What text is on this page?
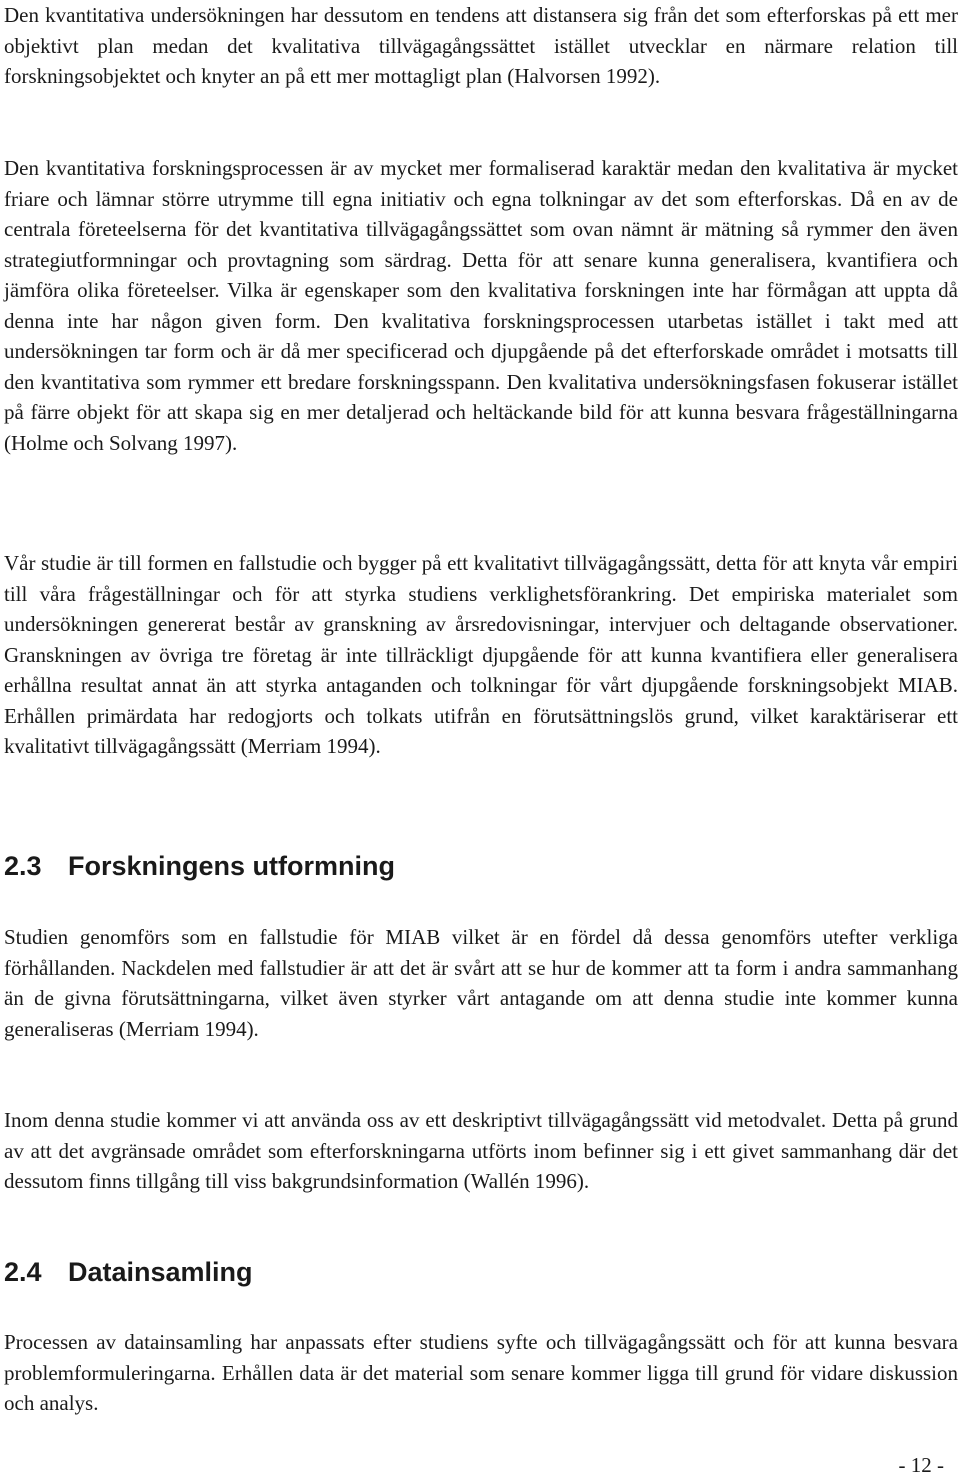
Den kvantitativa undersökningen har dessutom en tendens att distansera sig från det som efterforskas på ett mer objektivt plan medan det kvalitativa tillvägagångssättet istället utvecklar en närmare relation till forskningsobjektet och knyter an på ett mer mottagligt plan (Halvorsen 1992).

Den kvantitativa forskningsprocessen är av mycket mer formaliserad karaktär medan den kvalitativa är mycket friare och lämnar större utrymme till egna initiativ och egna tolkningar av det som efterforskas. Då en av de centrala företeelserna för det kvantitativa tillvägagångssättet som ovan nämnt är mätning så rymmer den även strategiutformningar och provtagning som särdrag. Detta för att senare kunna generalisera, kvantifiera och jämföra olika företeelser. Vilka är egenskaper som den kvalitativa forskningen inte har förmågan att uppta då denna inte har någon given form. Den kvalitativa forskningsprocessen utarbetas istället i takt med att undersökningen tar form och är då mer specificerad och djupgående på det efterforskade området i motsatts till den kvantitativa som rymmer ett bredare forskningsspann. Den kvalitativa undersökningsfasen fokuserar istället på färre objekt för att skapa sig en mer detaljerad och heltäckande bild för att kunna besvara frågeställningarna (Holme och Solvang 1997).

Vår studie är till formen en fallstudie och bygger på ett kvalitativt tillvägagångssätt, detta för att knyta vår empiri till våra frågeställningar och för att styrka studiens verklighetsförankring. Det empiriska materialet som undersökningen genererat består av granskning av årsredovisningar, intervjuer och deltagande observationer. Granskningen av övriga tre företag är inte tillräckligt djupgående för att kunna kvantifiera eller generalisera erhållna resultat annat än att styrka antaganden och tolkningar för vårt djupgående forskningsobjekt MIAB. Erhållen primärdata har redogjorts och tolkats utifrån en förutsättningslös grund, vilket karaktäriserar ett kvalitativt tillvägagångssätt (Merriam 1994).

2.3 Forskningens utformning

Studien genomförs som en fallstudie för MIAB vilket är en fördel då dessa genomförs utefter verkliga förhållanden. Nackdelen med fallstudier är att det är svårt att se hur de kommer att ta form i andra sammanhang än de givna förutsättningarna, vilket även styrker vårt antagande om att denna studie inte kommer kunna generaliseras (Merriam 1994).

Inom denna studie kommer vi att använda oss av ett deskriptivt tillvägagångssätt vid metodvalet. Detta på grund av att det avgränsade området som efterforskningarna utförts inom befinner sig i ett givet sammanhang där det dessutom finns tillgång till viss bakgrundsinformation (Wallén 1996).

2.4 Datainsamling

Processen av datainsamling har anpassats efter studiens syfte och tillvägagångssätt och för att kunna besvara problemformuleringarna. Erhållen data är det material som senare kommer ligga till grund för vidare diskussion och analys.

- 12 -
